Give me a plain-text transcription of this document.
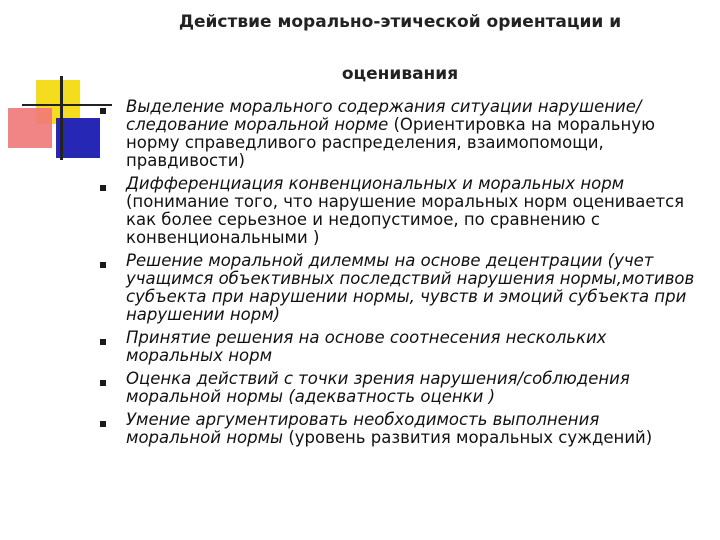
Действие морально-этической ориентации и
оценивания
Выделение морального содержания ситуации нарушение/следование моральной норме (Ориентировка на моральную норму справедливого распределения, взаимопомощи, правдивости)
Дифференциация конвенциональных и моральных норм (понимание того, что нарушение моральных норм оценивается как более серьезное и недопустимое, по сравнению с конвенциональными )
Решение моральной дилеммы на основе децентрации (учет учащимся объективных последствий нарушения нормы,мотивов субъекта при нарушении нормы, чувств и эмоций субъекта при нарушении норм)
Принятие решения на основе соотнесения нескольких моральных норм
Оценка действий с точки зрения нарушения/соблюдения моральной нормы (адекватность оценки )
Умение аргументировать необходимость выполнения моральной нормы (уровень развития моральных суждений)
